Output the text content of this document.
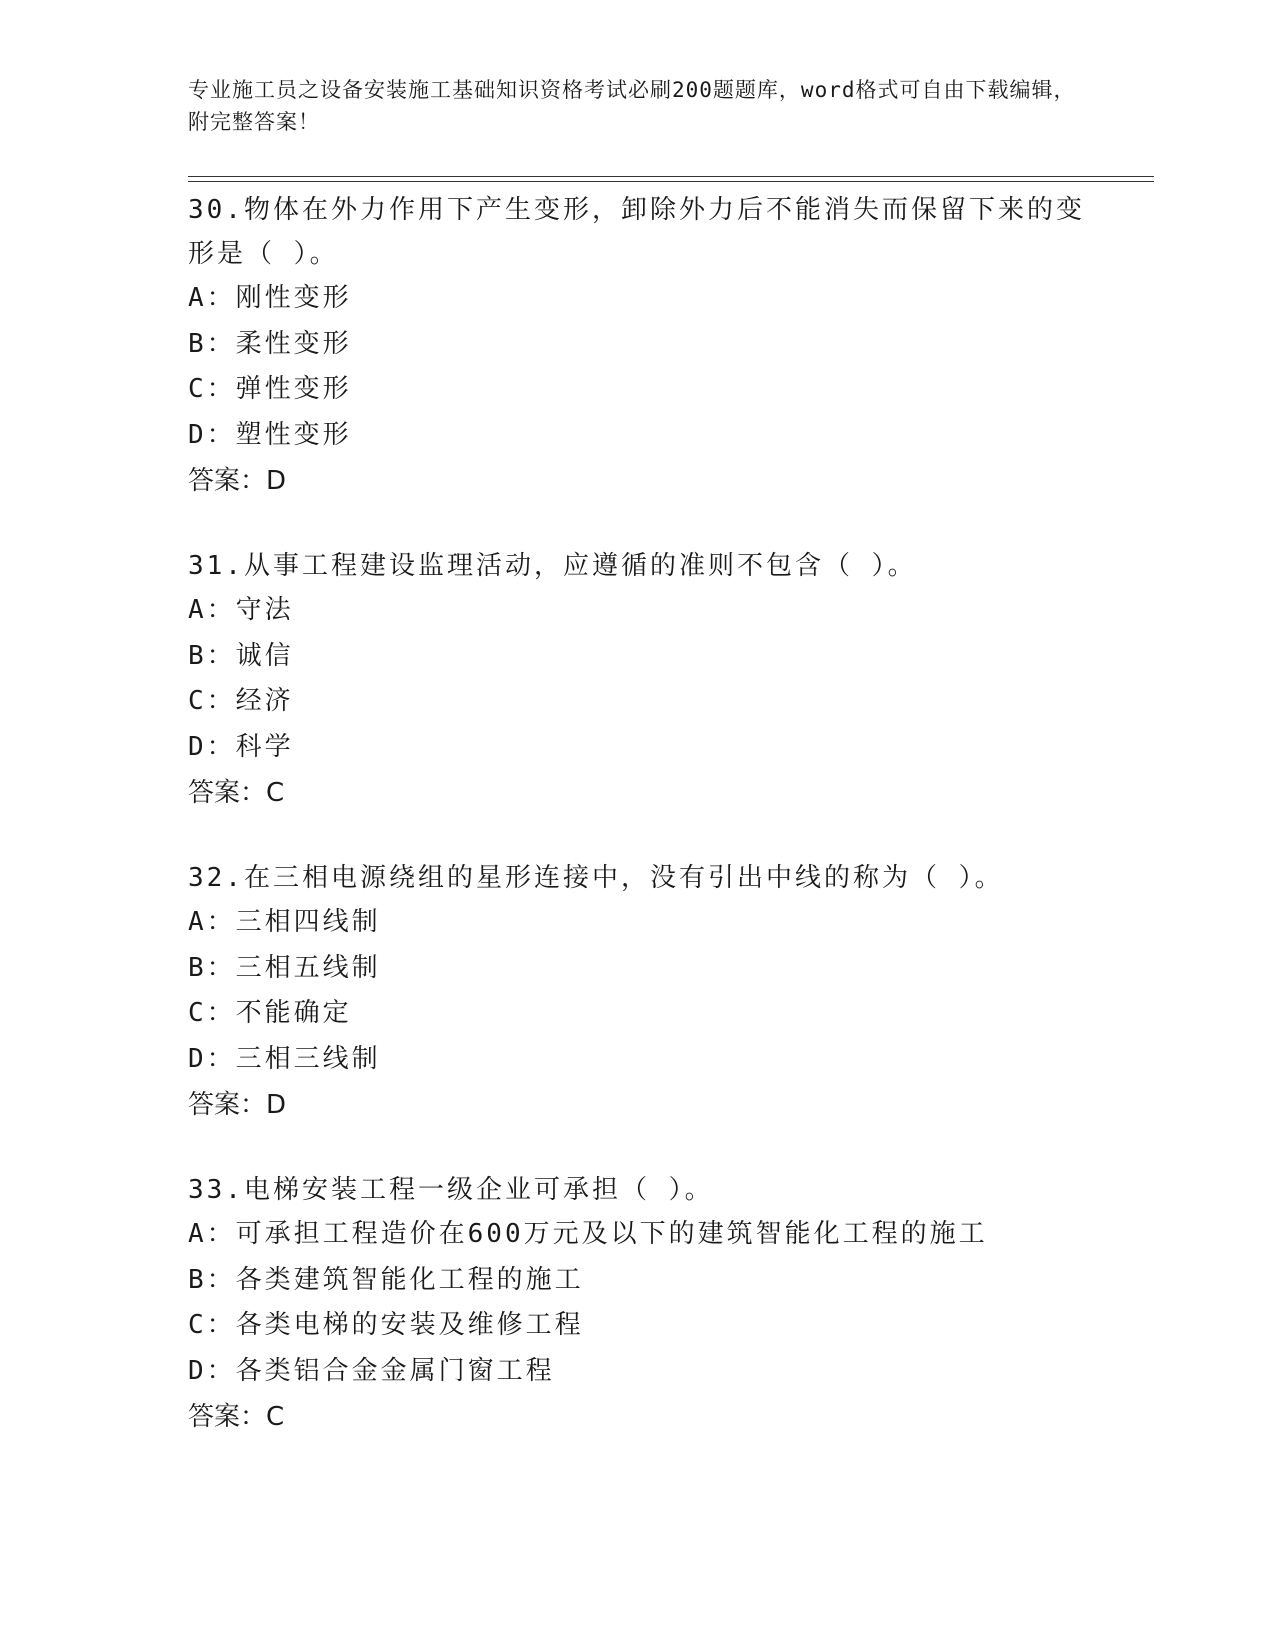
专业施工员之设备安装施工基础知识资格考试必刷200题题库，word格式可自由下载编辑，附完整答案！
30.物体在外力作用下产生变形，卸除外力后不能消失而保留下来的变形是（ ）。
A：刚性变形
B：柔性变形
C：弹性变形
D：塑性变形
答案：D
31.从事工程建设监理活动，应遵循的准则不包含（ ）。
A：守法
B：诚信
C：经济
D：科学
答案：C
32.在三相电源绕组的星形连接中，没有引出中线的称为（ ）。
A：三相四线制
B：三相五线制
C：不能确定
D：三相三线制
答案：D
33.电梯安装工程一级企业可承担（ ）。
A：可承担工程造价在600万元及以下的建筑智能化工程的施工
B：各类建筑智能化工程的施工
C：各类电梯的安装及维修工程
D：各类铝合金金属门窗工程
答案：C
